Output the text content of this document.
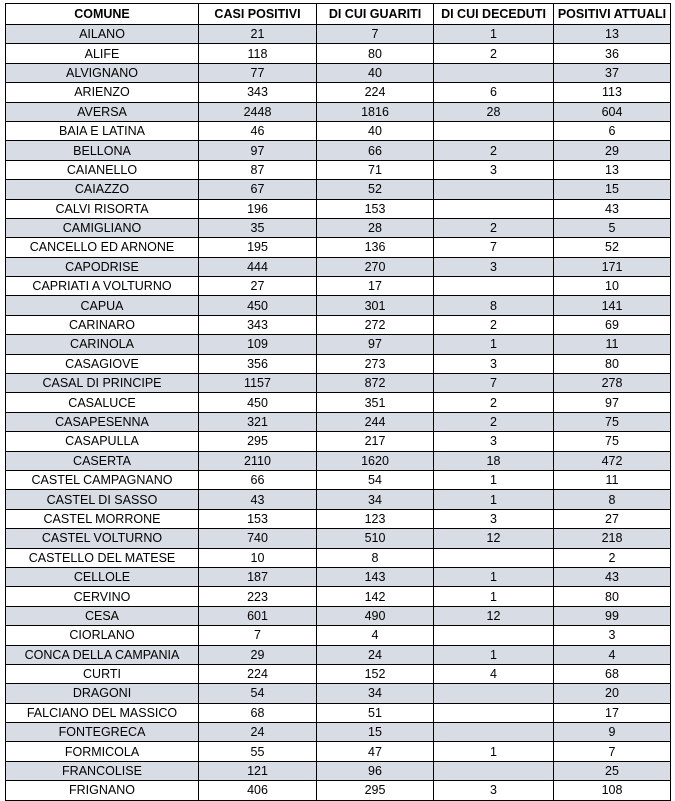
COMUNE	CASI POSITIVI	DI CUI GUARITI	DI CUI DECEDUTI	POSITIVI ATTUALI
AILANO	21	7	1	13
ALIFE	118	80	2	36
ALVIGNANO	77	40		37
ARIENZO	343	224	6	113
AVERSA	2448	1816	28	604
BAIA E LATINA	46	40		6
BELLONA	97	66	2	29
CAIANELLO	87	71	3	13
CAIAZZO	67	52		15
CALVI RISORTA	196	153		43
CAMIGLIANO	35	28	2	5
CANCELLO ED ARNONE	195	136	7	52
CAPODRISE	444	270	3	171
CAPRIATI A VOLTURNO	27	17		10
CAPUA	450	301	8	141
CARINARO	343	272	2	69
CARINOLA	109	97	1	11
CASAGIOVE	356	273	3	80
CASAL DI PRINCIPE	1157	872	7	278
CASALUCE	450	351	2	97
CASAPESENNA	321	244	2	75
CASAPULLA	295	217	3	75
CASERTA	2110	1620	18	472
CASTEL CAMPAGNANO	66	54	1	11
CASTEL DI SASSO	43	34	1	8
CASTEL MORRONE	153	123	3	27
CASTEL VOLTURNO	740	510	12	218
CASTELLO DEL MATESE	10	8		2
CELLOLE	187	143	1	43
CERVINO	223	142	1	80
CESA	601	490	12	99
CIORLANO	7	4		3
CONCA DELLA CAMPANIA	29	24	1	4
CURTI	224	152	4	68
DRAGONI	54	34		20
FALCIANO DEL MASSICO	68	51		17
FONTEGRECA	24	15		9
FORMICOLA	55	47	1	7
FRANCOLISE	121	96		25
FRIGNANO	406	295	3	108
